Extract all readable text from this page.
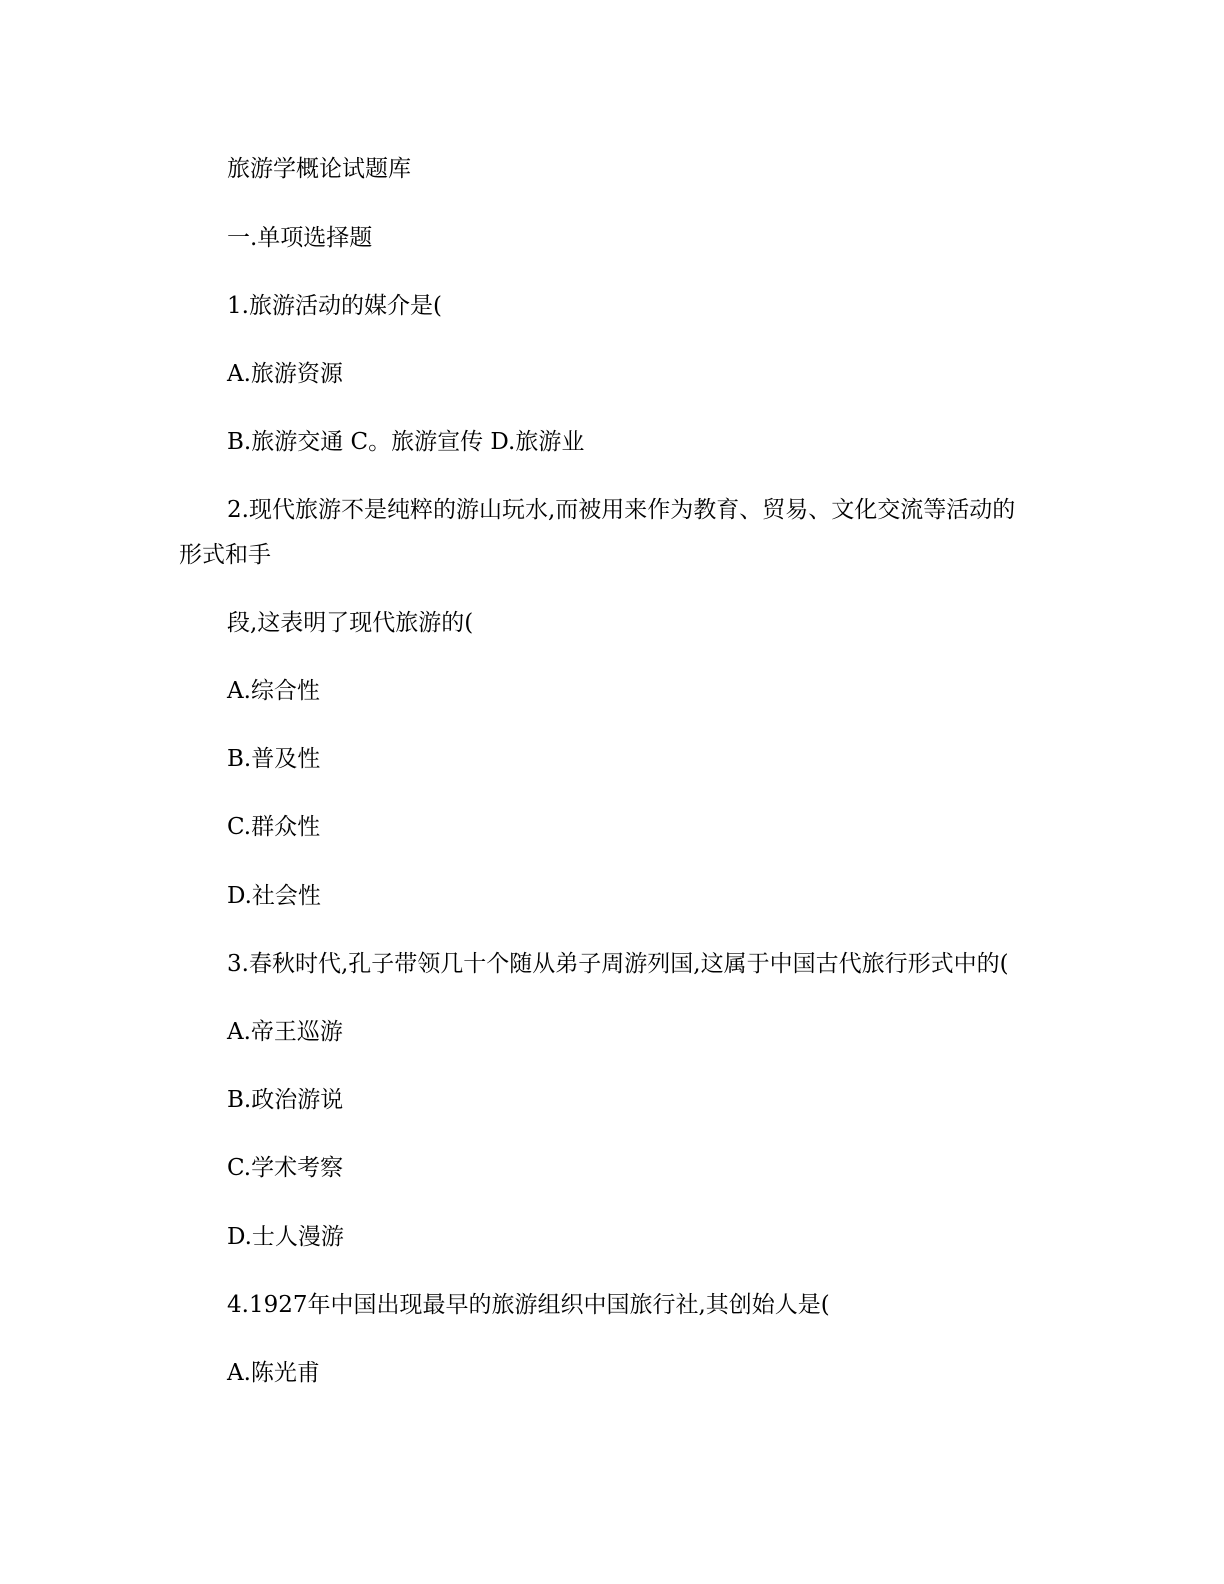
旅游学概论试题库
一.单项选择题
1.旅游活动的媒介是(
A.旅游资源
B.旅游交通 C。旅游宣传 D.旅游业
2.现代旅游不是纯粹的游山玩水,而被用来作为教育、贸易、文化交流等活动的
形式和手
段,这表明了现代旅游的(
A.综合性
B.普及性
C.群众性
D.社会性
3.春秋时代,孔子带领几十个随从弟子周游列国,这属于中国古代旅行形式中的(
A.帝王巡游
B.政治游说
C.学术考察
D.士人漫游
4.1927年中国出现最早的旅游组织中国旅行社,其创始人是(
A.陈光甫
